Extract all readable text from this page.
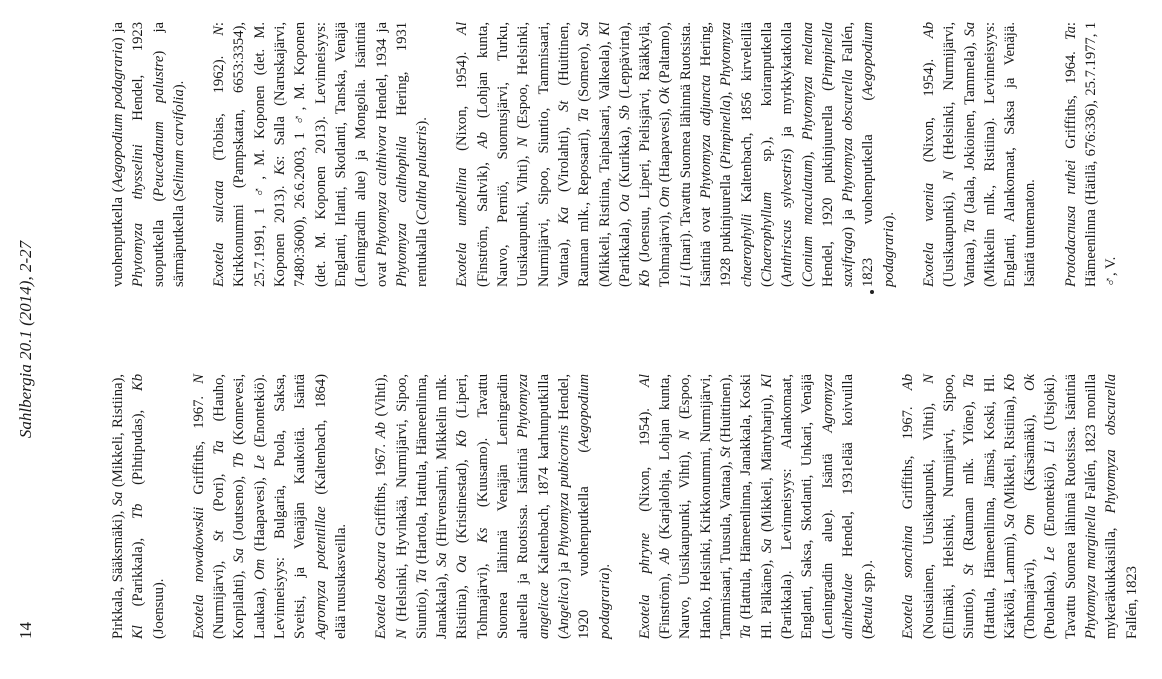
14
Sahlbergia 20.1 (2014), 2-27

Pirkkala, Sääksmäki), Sa (Mikkeli, Ristiina), Kl (Parikkala), Tb (Pihtipudas), Kb (Joensuu). Exotela nowakowskii Griffiths, 1967. N (Nurmijärvi), St (Pori), Ta (Hauho, Korpilahti), Sa (Joutseno), Tb (Konnevesi, Laukaa), Om (Haapavesi), Le (Enontekiö). Levinneisyys: Bulgaria, Puola, Saksa, Sveitsi, ja Venäjän Kaukoitä. Isäntä Agromyza potentillae (Kaltenbach, 1864) elää ruusukasveilla. Exotela obscura Griffiths, 1967. Ab (Vihti), N (Helsinki, Hyvinkää, Nurmijärvi, Sipoo, Siuntio), Ta (Hartola, Hattula, Hämeenlinna, Janakkala), Sa (Hirvensalmi, Mikkelin mlk. Ristiina), Oa (Kristinestad), Kb (Liperi, Tohmajärvi), Ks (Kuusamo). Tavattu Suomea lähinnä Venäjän Leningradin alueella ja Ruotsissa. Isäntinä Phytomyza angelicae Kaltenbach, 1874 karhunputkilla (Angelica) ja Phytomyza pubicornis Hendel, 1920 vuohenputkella (Aegopodium podagraria). Exotela phryne (Nixon, 1954). Al (Finström), Ab (Karjalohja, Lohjan kunta, Nauvo, Uusikaupunki, Vihti), N (Espoo, Hanko, Helsinki, Kirkkonummi, Nurmijärvi, Tammisaari, Tuusula, Vantaa), St (Huittinen), Ta (Hattula, Hämeenlinna, Janakkala, Koski Hl. Pälkäne), Sa (Mikkeli, Mäntyharju), Kl (Parikkala). Levinneisyys: Alankomaat, Englanti, Saksa, Skotlanti, Unkari, Venäjä (Leningradin alue). Isäntä Agromyza alnibetulae Hendel, 1931elää koivuilla (Betula spp.). Exotela sonchina Griffiths, 1967. Ab (Nousiainen, Uusikaupunki, Vihti), N (Elimäki, Helsinki, Nurmijärvi, Sipoo, Siuntio), St (Rauman mlk. Ylöne), Ta (Hattula, Hämeenlinna, Jämsä, Koski, Hl. Kärkölä, Lammi), Sa (Mikkeli, Ristiina), Kb (Tohmajärvi), Om (Kärsämäki), Ok (Puolanka), Le (Enontekiö), Li (Utsjoki). Tavattu Suomea lähinnä Ruotsissa. Isäntinä Phytomyza marginella Fallén, 1823 monilla mykeräkukkaisilla, Phytomyza obscurella Fallén, 1823

vuohenputkella (Aegopodium podagraria) ja Phytomyza thysselini Hendel, 1923 suoputkella (Peucedanum palustre) ja särmäputkella (Selinum carvifolia).

Exotela sulcata (Tobias, 1962). N: Kirkkonummi (Pampskatan, 6653:3354), 25.7.1991, 1 ♂, M. Koponen (det. M. Koponen 2013). Ks: Salla (Naruskajärvi, 7480:3600), 26.6.2003, 1 ♂, M. Koponen (det. M. Koponen 2013). Levinneisyys: Englanti, Irlanti, Skotlanti, Tanska, Venäjä (Leningradin alue) ja Mongolia. Isäntinä ovat Phytomyza calthivora Hendel, 1934 ja Phytomyza calthophila Hering, 1931 rentukalla (Caltha palustris).

Exotela umbellina (Nixon, 1954). Al (Finström, Saltvik), Ab (Lohjan kunta, Nauvo, Perniö, Suomusjärvi, Turku, Uusikaupunki, Vihti), N (Espoo, Helsinki, Nurmijärvi, Sipoo, Siuntio, Tammisaari, Vantaa), Ka (Virolahti), St (Huittinen, Rauman mlk., Reposaari), Ta (Somero), Sa (Mikkeli, Ristiina, Taipalsaari, Valkeala), Kl (Parikkala), Oa (Kurikka), Sb (Leppävirta), Kb (Joensuu, Liperi, Pielisjärvi, Rääkkylä, Tohmajärvi), Om (Haapavesi), Ok (Paltamo), Li (Inari). Tavattu Suomea lähinnä Ruotsista. Isäntinä ovat Phytomyza adjuncta Hering, 1928 pukinjuurella (Pimpinella), Phytomyza chaerophylli Kaltenbach, 1856 kirveleillä (Chaerophyllum sp.), koiranputkella (Anthriscus sylvestris) ja myrkkykatkolla (Conium maculatum), Phytomyza melana Hendel, 1920 pukinjuurella (Pimpinella saxifraga) ja Phytomyza obscurella Fallén, 1823 vuohenputkella (Aegopodium podagraria). Exotela vaenia (Nixon, 1954). Ab (Uusikaupunki), N (Helsinki, Nurmijärvi, Vantaa), Ta (Jaala, Jokioinen, Tammela), Sa (Mikkelin mlk., Ristiina). Levinneisyys: Englanti, Alankomaat, Saksa ja Venäjä. Isäntä tuntematon. Protodacnusa ruthei Griffiths, 1964. Ta: Hämeenlinna (Hätilä, 676:336), 25.7.1977, 1 ♂, V.
